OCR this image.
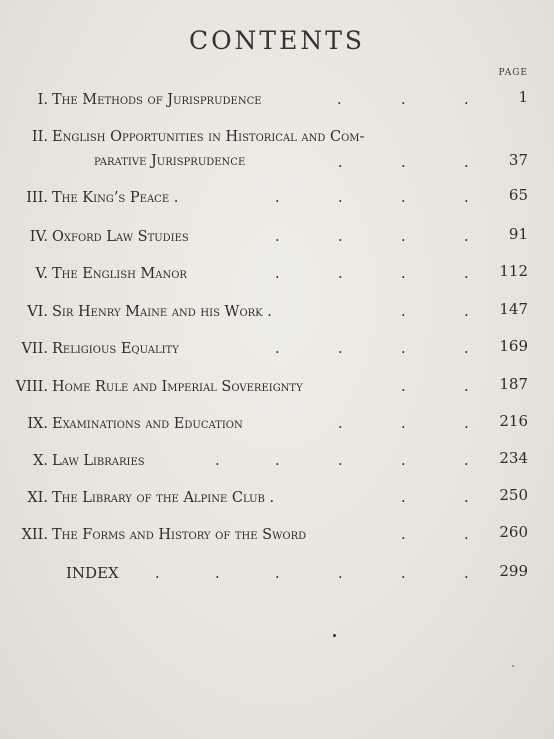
CONTENTS
PAGE
I. The Methods of Jurisprudence	.	.	.	1
II. English Opportunities in Historical and Com-
parative Jurisprudence	.	.	.	37
III. The King’s Peace .	.	.	.	.	65
IV. Oxford Law Studies	.	.	.	.	91
V. The English Manor	.	.	.	.	112
VI. Sir Henry Maine and his Work .	.	.	147
VII. Religious Equality	.	.	.	.	169
VIII. Home Rule and Imperial Sovereignty	.	.	187
IX. Examinations and Education	.	.	.	216
X. Law Libraries	.	.	.	.	.	234
XI. The Library of the Alpine Club .	.	.	250
XII. The Forms and History of the Sword	.	.	260
INDEX	.	.	.	.	.	.	299
